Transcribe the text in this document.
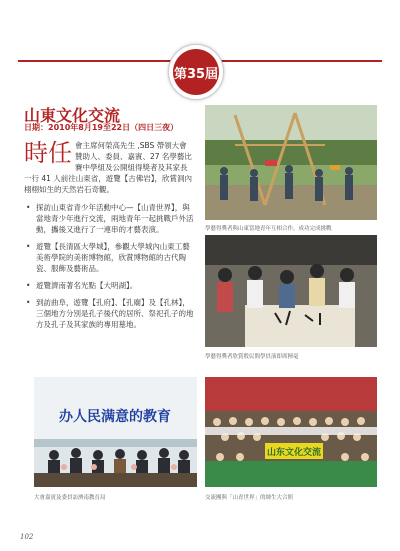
第35屆
山東文化交流
日期：2010年8月19至22日（四日三夜）
時任 會主席何榮高先生 ,SBS 帶領大會贊助人、委員、嘉賓、27 名學藝比賽中學組及公開組得獎者及其家長一行 41 人前往山東省，遊覽【古佛岩】，欣賞洞內栩栩如生的天然岩石奇觀。
• 探訪山東省青少年活動中心—【山青世界】，與當地青少年進行交流，兩地青年一起挑戰戶外活動，攜後又進行了一連串的才藝表演。
• 遊覽【長清區大學城】，參觀大學城內山東工藝美術學院的美術博物館，欣賞博物館的古代陶瓷、服飾及藝術品。
• 遊覽濟南著名光點【大明湖】。
• 到訪曲阜，遊覽【孔府】、【孔廟】及【孔林】，三個地方分別是孔子後代的居所、祭祀孔子的地方及孔子及其家族的專用墓地。
學藝得獎者與山東當地青年互相合作，成功完成挑戰
學藝得獎者欣賞殷民間學員演即席揮毫
办人民满意的教育
大會嘉賓及委員訪濟南教育局
山东文化交流
交流團與「山青世界」的師生大合照
102
